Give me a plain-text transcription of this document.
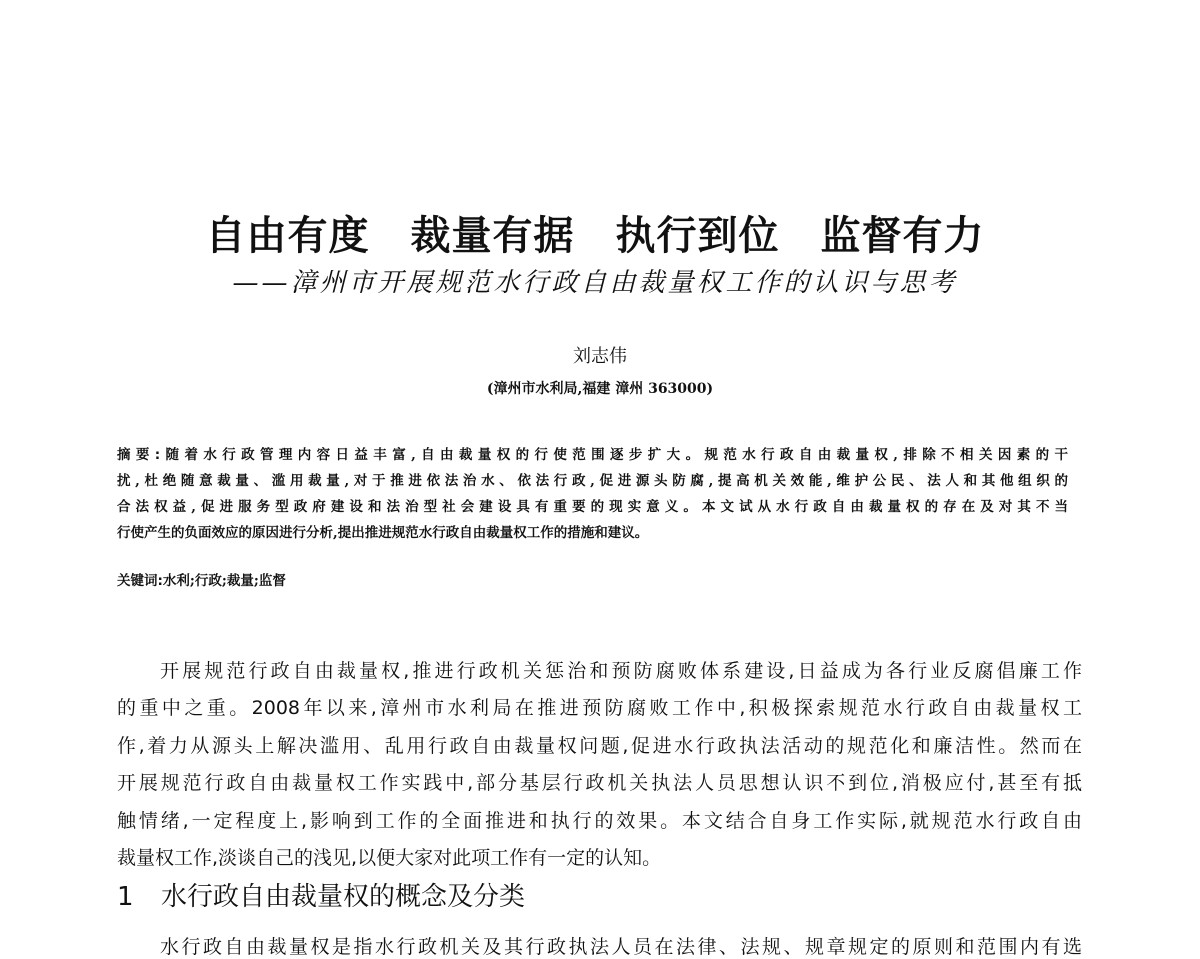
自由有度　裁量有据　执行到位　监督有力
——漳州市开展规范水行政自由裁量权工作的认识与思考
刘志伟
(漳州市水利局,福建 漳州 363000)
摘要:随着水行政管理内容日益丰富,自由裁量权的行使范围逐步扩大。规范水行政自由裁量权,排除不相关因素的干
扰,杜绝随意裁量、滥用裁量,对于推进依法治水、依法行政,促进源头防腐,提高机关效能,维护公民、法人和其他组织的
合法权益,促进服务型政府建设和法治型社会建设具有重要的现实意义。本文试从水行政自由裁量权的存在及对其不当
行使产生的负面效应的原因进行分析,提出推进规范水行政自由裁量权工作的措施和建议。
关键词:水利;行政;裁量;监督
开展规范行政自由裁量权,推进行政机关惩治和预防腐败体系建设,日益成为各行业反腐倡廉工作
的重中之重。2008年以来,漳州市水利局在推进预防腐败工作中,积极探索规范水行政自由裁量权工
作,着力从源头上解决滥用、乱用行政自由裁量权问题,促进水行政执法活动的规范化和廉洁性。然而在
开展规范行政自由裁量权工作实践中,部分基层行政机关执法人员思想认识不到位,消极应付,甚至有抵
触情绪,一定程度上,影响到工作的全面推进和执行的效果。本文结合自身工作实际,就规范水行政自由
裁量权工作,淡谈自己的浅见,以便大家对此项工作有一定的认知。
1 水行政自由裁量权的概念及分类
水行政自由裁量权是指水行政机关及其行政执法人员在法律、法规、规章规定的原则和范围内有选
